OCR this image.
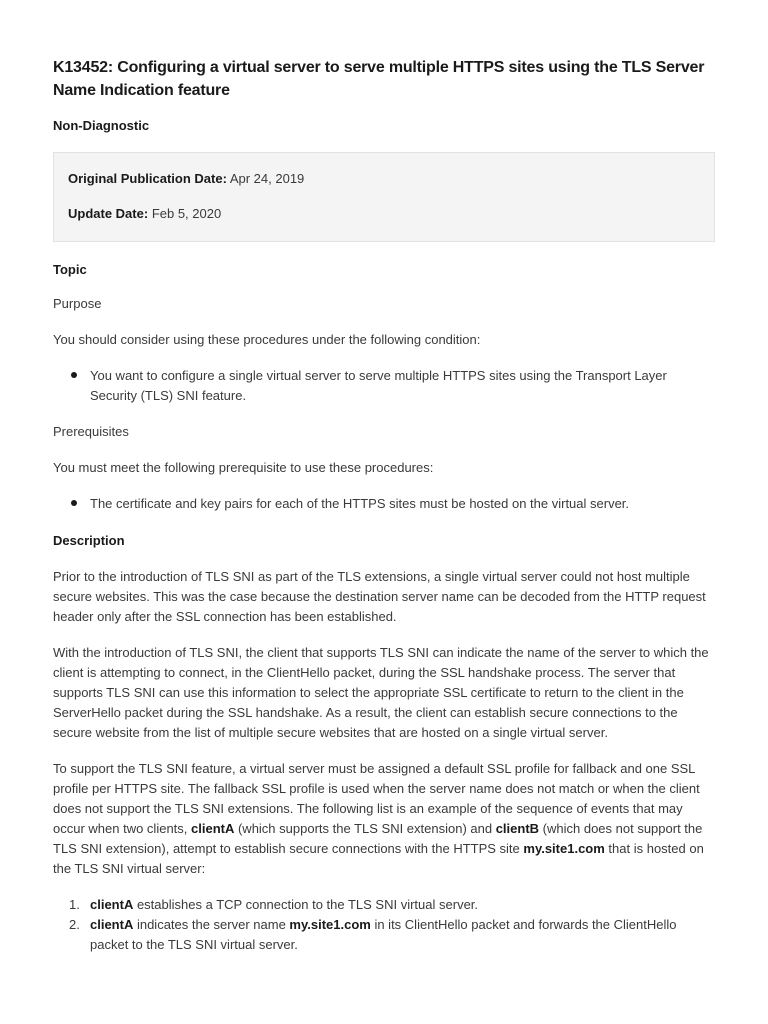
K13452: Configuring a virtual server to serve multiple HTTPS sites using the TLS Server Name Indication feature
Non-Diagnostic
Original Publication Date: Apr 24, 2019
Update Date: Feb 5, 2020
Topic

Purpose

You should consider using these procedures under the following condition:

You want to configure a single virtual server to serve multiple HTTPS sites using the Transport Layer Security (TLS) SNI feature.

Prerequisites

You must meet the following prerequisite to use these procedures:

The certificate and key pairs for each of the HTTPS sites must be hosted on the virtual server.
Description

Prior to the introduction of TLS SNI as part of the TLS extensions, a single virtual server could not host multiple secure websites. This was the case because the destination server name can be decoded from the HTTP request header only after the SSL connection has been established.

With the introduction of TLS SNI, the client that supports TLS SNI can indicate the name of the server to which the client is attempting to connect, in the ClientHello packet, during the SSL handshake process. The server that supports TLS SNI can use this information to select the appropriate SSL certificate to return to the client in the ServerHello packet during the SSL handshake. As a result, the client can establish secure connections to the secure website from the list of multiple secure websites that are hosted on a single virtual server.

To support the TLS SNI feature, a virtual server must be assigned a default SSL profile for fallback and one SSL profile per HTTPS site. The fallback SSL profile is used when the server name does not match or when the client does not support the TLS SNI extensions. The following list is an example of the sequence of events that may occur when two clients, clientA (which supports the TLS SNI extension) and clientB (which does not support the TLS SNI extension), attempt to establish secure connections with the HTTPS site my.​site1.com that is hosted on the TLS SNI virtual server:

1. clientA establishes a TCP connection to the TLS SNI virtual server.
2. clientA indicates the server name my.site1.com in its ClientHello packet and forwards the ClientHello packet to the TLS SNI virtual server.
